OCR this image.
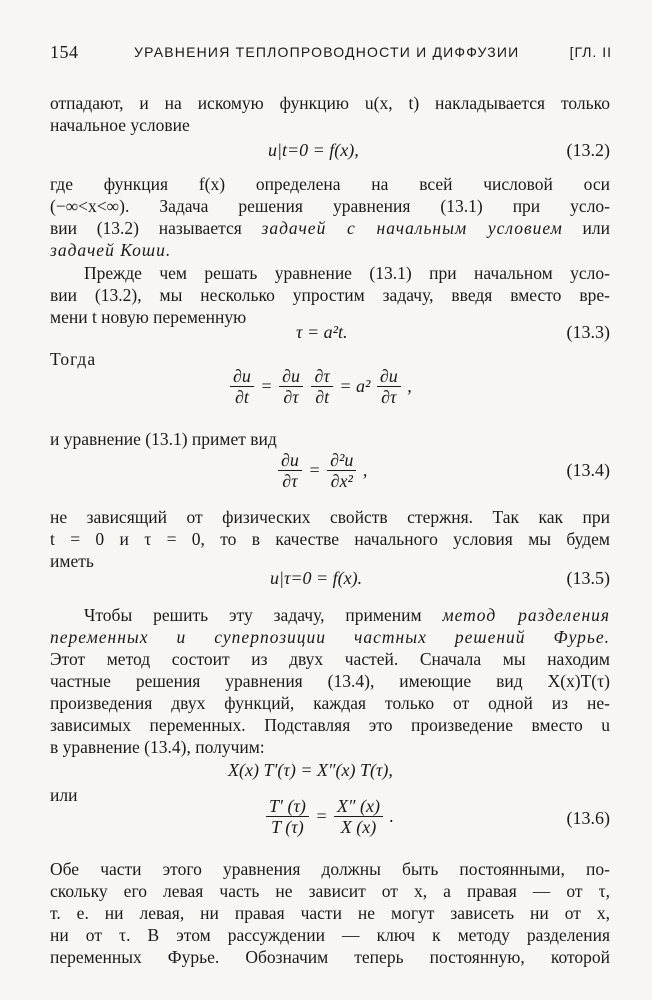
154	УРАВНЕНИЯ ТЕПЛОПРОВОДНОСТИ И ДИФФУЗИИ	[ГЛ. II
отпадают, и на искомую функцию u(x, t) накладывается только
начальное условие
u|t=0 = f(x),	(13.2)
где функция f(x) определена на всей числовой оси
(−∞<x<∞). Задача решения уравнения (13.1) при усло-
вии (13.2) называется задачей с начальным условием или
задачей Коши.
Прежде чем решать уравнение (13.1) при начальном усло-
вии (13.2), мы несколько упростим задачу, введя вместо вре-
мени t новую переменную
τ = a²t.	(13.3)
Тогда
$\frac{\partial u}{\partial t} = \frac{\partial u}{\partial\tau}$
$\frac{\partial\tau}{\partial t} = a^2 \frac{\partial u}{\partial\tau}$ ,
и уравнение (13.1) примет вид
$\frac{\partial u}{\partial\tau} = \frac{\text{∂²u}}{\text{∂x²}}$ ,	(13.4)
не зависящий от физических свойств стержня. Так как при
t = 0 и τ = 0, то в качестве начального условия мы будем
иметь
u|τ=0 = f(x).	(13.5)
Чтобы решить эту задачу, применим метод разделения
переменных и суперпозиции частных решений Фурье.
Этот метод состоит из двух частей. Сначала мы находим
частные решения уравнения (13.4), имеющие вид X(x)T(τ)
произведения двух функций, каждая только от одной из не-
зависимых переменных. Подставляя это произведение вместо u
в уравнение (13.4), получим:
X(x) T′(τ) = X″(x) T(τ),
или
$\frac{T' (\tau)}{T (\tau)} = \frac{X'' (x)}{X (x)}$ .	(13.6)
Обе части этого уравнения должны быть постоянными, по-
скольку его левая часть не зависит от x, а правая — от τ,
т. е. ни левая, ни правая части не могут зависеть ни от x,
ни от τ. В этом рассуждении — ключ к методу разделения
переменных Фурье. Обозначим теперь постоянную, которой
